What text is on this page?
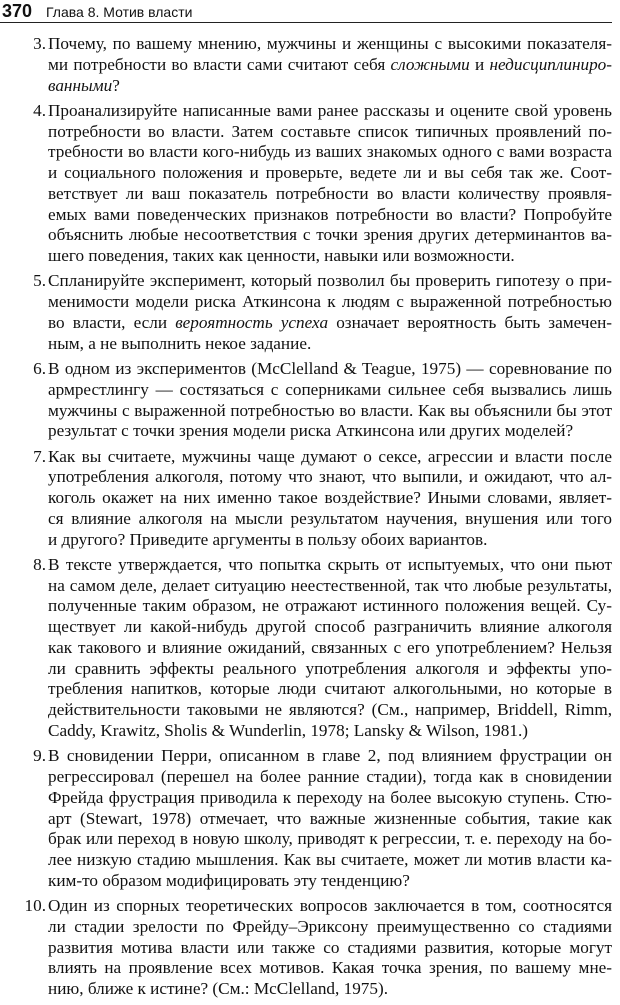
370 Глава 8. Мотив власти
3. Почему, по вашему мнению, мужчины и женщины с высокими показателя-
ми потребности во власти сами считают себя сложными и недисциплиниро-
ванными?
4. Проанализируйте написанные вами ранее рассказы и оцените свой уровень
потребности во власти. Затем составьте список типичных проявлений по-
требности во власти кого-нибудь из ваших знакомых одного с вами возраста
и социального положения и проверьте, ведете ли и вы себя так же. Соот-
ветствует ли ваш показатель потребности во власти количеству проявля-
емых вами поведенческих признаков потребности во власти? Попробуйте
объяснить любые несоответствия с точки зрения других детерминантов ва-
шего поведения, таких как ценности, навыки или возможности.
5. Спланируйте эксперимент, который позволил бы проверить гипотезу о при-
менимости модели риска Аткинсона к людям с выраженной потребностью
во власти, если вероятность успеха означает вероятность быть замечен-
ным, а не выполнить некое задание.
6. В одном из экспериментов (McClelland & Teague, 1975) — соревнование по
армрестлингу — состязаться с соперниками сильнее себя вызвались лишь
мужчины с выраженной потребностью во власти. Как вы объяснили бы этот
результат с точки зрения модели риска Аткинсона или других моделей?
7. Как вы считаете, мужчины чаще думают о сексе, агрессии и власти после
употребления алкоголя, потому что знают, что выпили, и ожидают, что ал-
коголь окажет на них именно такое воздействие? Иными словами, являет-
ся влияние алкоголя на мысли результатом научения, внушения или того
и другого? Приведите аргументы в пользу обоих вариантов.
8. В тексте утверждается, что попытка скрыть от испытуемых, что они пьют
на самом деле, делает ситуацию неестественной, так что любые результаты,
полученные таким образом, не отражают истинного положения вещей. Су-
ществует ли какой-нибудь другой способ разграничить влияние алкоголя
как такового и влияние ожиданий, связанных с его употреблением? Нельзя
ли сравнить эффекты реального употребления алкоголя и эффекты упо-
требления напитков, которые люди считают алкогольными, но которые в
действительности таковыми не являются? (См., например, Briddell, Rimm,
Caddy, Krawitz, Sholis & Wunderlin, 1978; Lansky & Wilson, 1981.)
9. В сновидении Перри, описанном в главе 2, под влиянием фрустрации он
регрессировал (перешел на более ранние стадии), тогда как в сновидении
Фрейда фрустрация приводила к переходу на более высокую ступень. Стю-
арт (Stewart, 1978) отмечает, что важные жизненные события, такие как
брак или переход в новую школу, приводят к регрессии, т. е. переходу на бо-
лее низкую стадию мышления. Как вы считаете, может ли мотив власти ка-
ким-то образом модифицировать эту тенденцию?
10. Один из спорных теоретических вопросов заключается в том, соотносятся
ли стадии зрелости по Фрейду–Эриксону преимущественно со стадиями
развития мотива власти или также со стадиями развития, которые могут
влиять на проявление всех мотивов. Какая точка зрения, по вашему мне-
нию, ближе к истине? (См.: McClelland, 1975).
